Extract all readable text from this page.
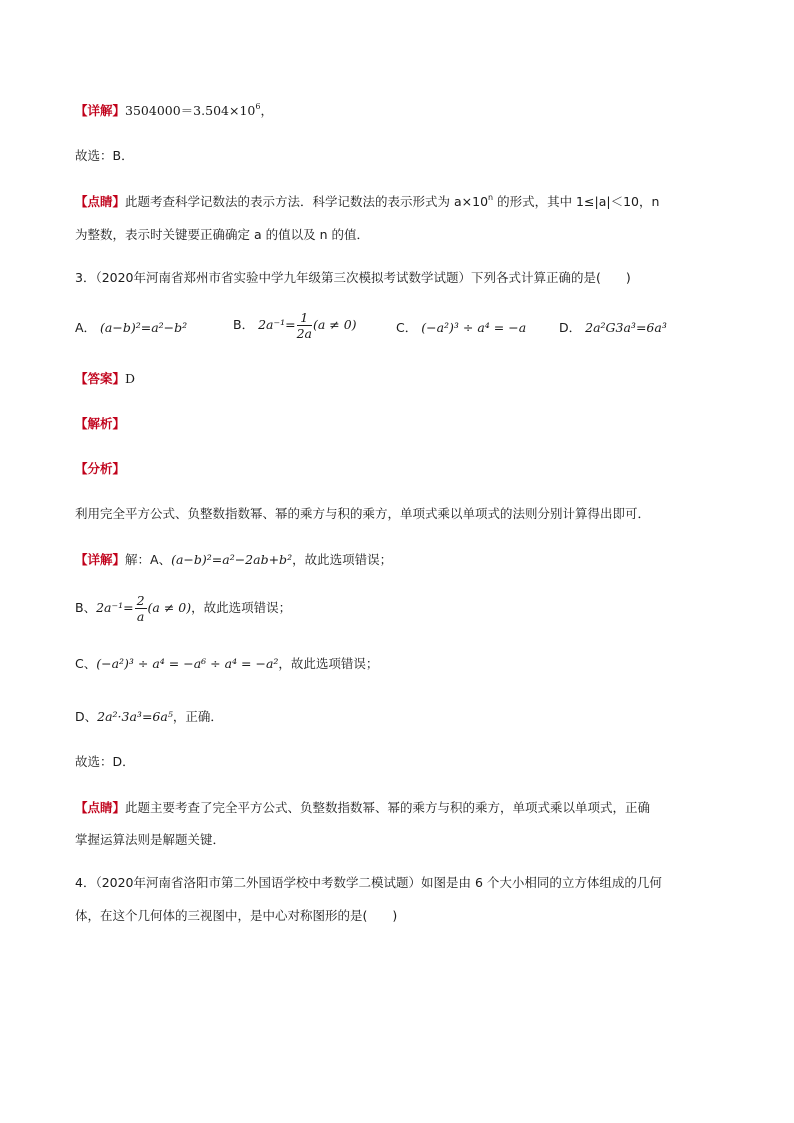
【详解】$3504000=3.504\times 10^6$，
故选：B．
【点睛】此题考查科学记数法的表示方法．科学记数法的表示形式为 $a\times 10^n$ 的形式，其中 1≤|a|＜10，n
为整数，表示时关键要正确确定 a 的值以及 n 的值．
3．（2020年河南省郑州市省实验中学九年级第三次模拟考试数学试题）下列各式计算正确的是(　　)
A． (a−b)²=a²−b²	B． $2a^{-1}= \frac{1}{2a} (a \ne 0)$	C． (−a²)³ ÷ a⁴ = −a	D． 2a²G3a³=6a³
【答案】D
【解析】
【分析】
利用完全平方公式、负整数指数幂、幂的乘方与积的乘方，单项式乘以单项式的法则分别计算得出即可．
【详解】解：A、(a−b)²=a²−2ab+b²，故此选项错误；
B、$2a^{-1}= \frac{2}{a} (a \ne 0)$，故此选项错误；
C、(−a²)³ ÷ a⁴ = −a⁶ ÷ a⁴ = −a²，故此选项错误；
D、2a²·3a³=6a⁵，正确．
故选：D．
【点睛】此题主要考查了完全平方公式、负整数指数幂、幂的乘方与积的乘方，单项式乘以单项式，正确
掌握运算法则是解题关键．
4．（2020年河南省洛阳市第二外国语学校中考数学二模试题）如图是由 6 个大小相同的立方体组成的几何
体，在这个几何体的三视图中，是中心对称图形的是(　　)
